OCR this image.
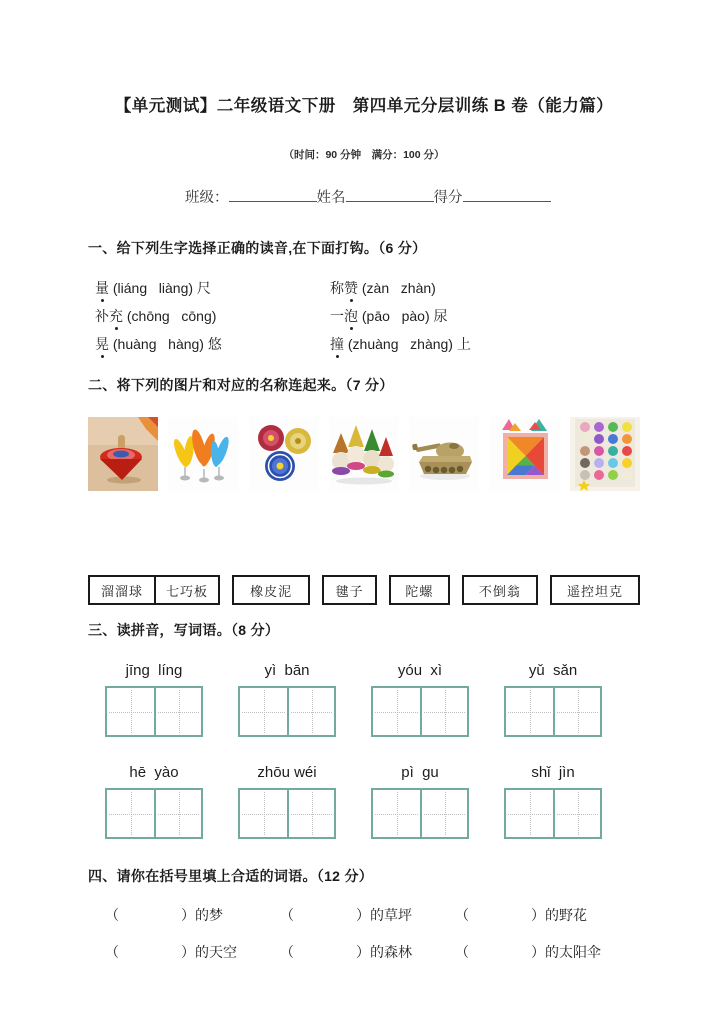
【单元测试】二年级语文下册　第四单元分层训练 B 卷（能力篇）
（时间：90 分钟　满分：100 分）
班级：	姓名	得分
一、给下列生字选择正确的读音,在下面打钩。（6 分）
量 (liáng   liàng) 尺	称赞 (zàn   zhàn)
补充 (chōng   cōng)	一泡 (pāo   pào) 尿
晃 (huàng   hàng) 悠	撞 (zhuàng   zhàng) 上
二、将下列的图片和对应的名称连起来。（7 分）
溜溜球	七巧板	橡皮泥	毽子	陀螺	不倒翁	遥控坦克
三、读拼音，写词语。（8 分）
jīng  líng	yì  bān	yóu  xì	yǔ  sǎn
hē  yào	zhōu wéi	pì  gu	shǐ  jìn
四、请你在括号里填上合适的词语。（12 分）
（	）的梦	（	）的草坪	（	）的野花
（	）的天空	（	）的森林	（	）的太阳伞
